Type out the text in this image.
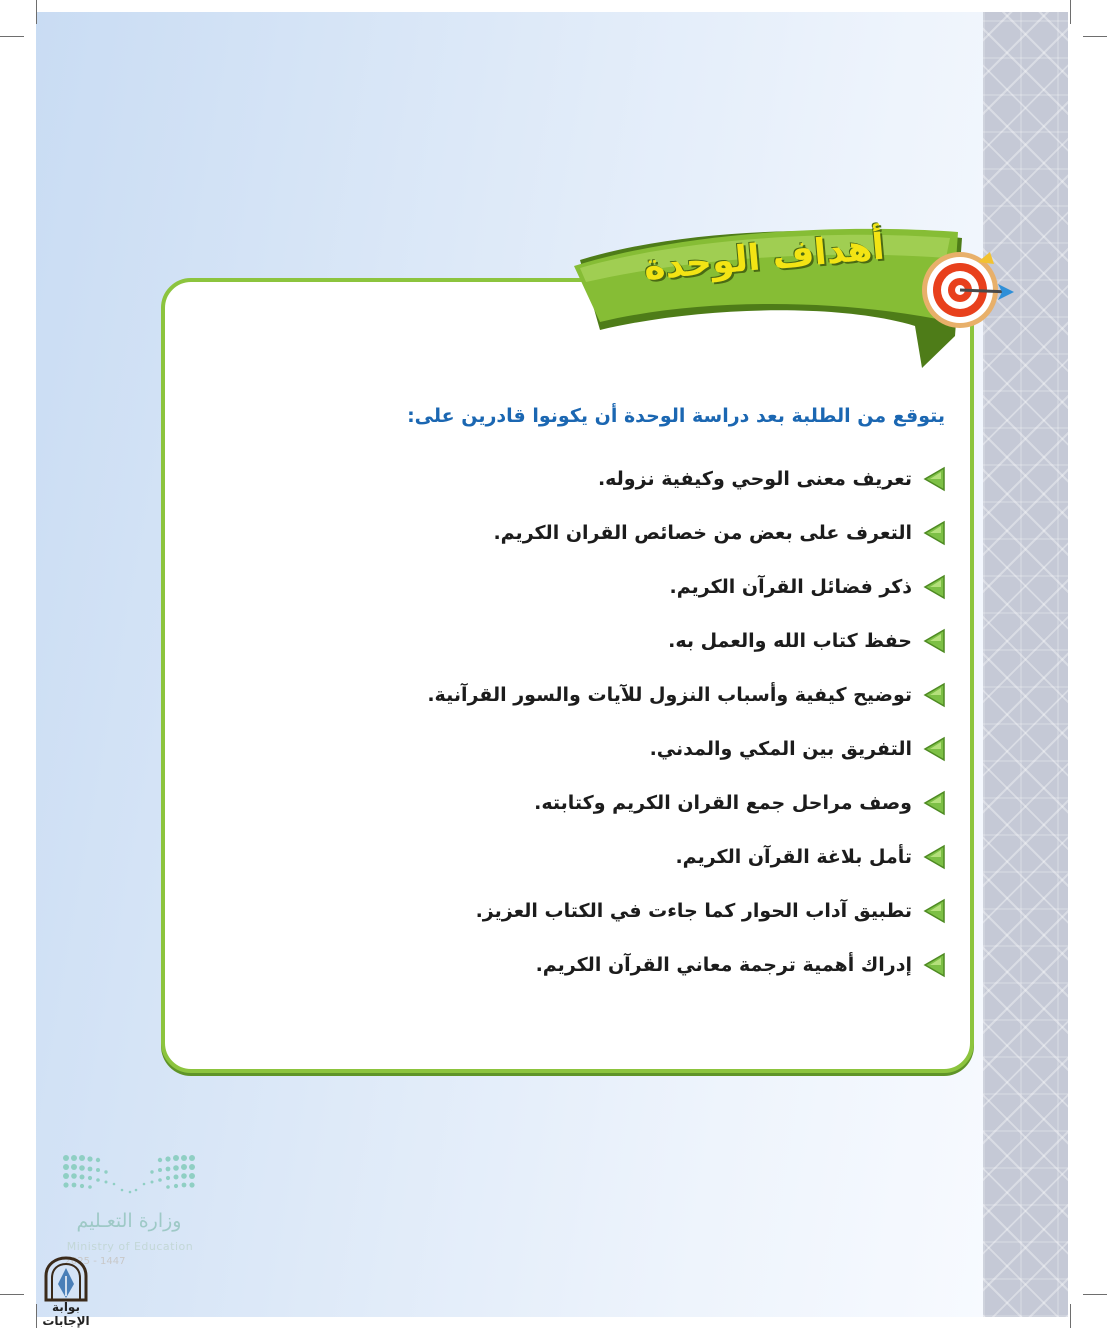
أهداف الوحدة
يتوقع من الطلبة بعد دراسة الوحدة أن يكونوا قادرين على:
تعريف معنى الوحي وكيفية نزوله.
التعرف على بعض من خصائص القران الكريم.
ذكر فضائل القرآن الكريم.
حفظ كتاب الله والعمل به.
توضيح كيفية وأسباب النزول للآيات والسور القرآنية.
التفريق بين المكي والمدني.
وصف مراحل جمع القران الكريم وكتابته.
تأمل بلاغة القرآن الكريم.
تطبيق آداب الحوار كما جاءت في الكتاب العزيز.
إدراك أهمية ترجمة معاني القرآن الكريم.
وزارة التعـليم
Ministry of Education
2025 - 1447
بوابة الإجابات
